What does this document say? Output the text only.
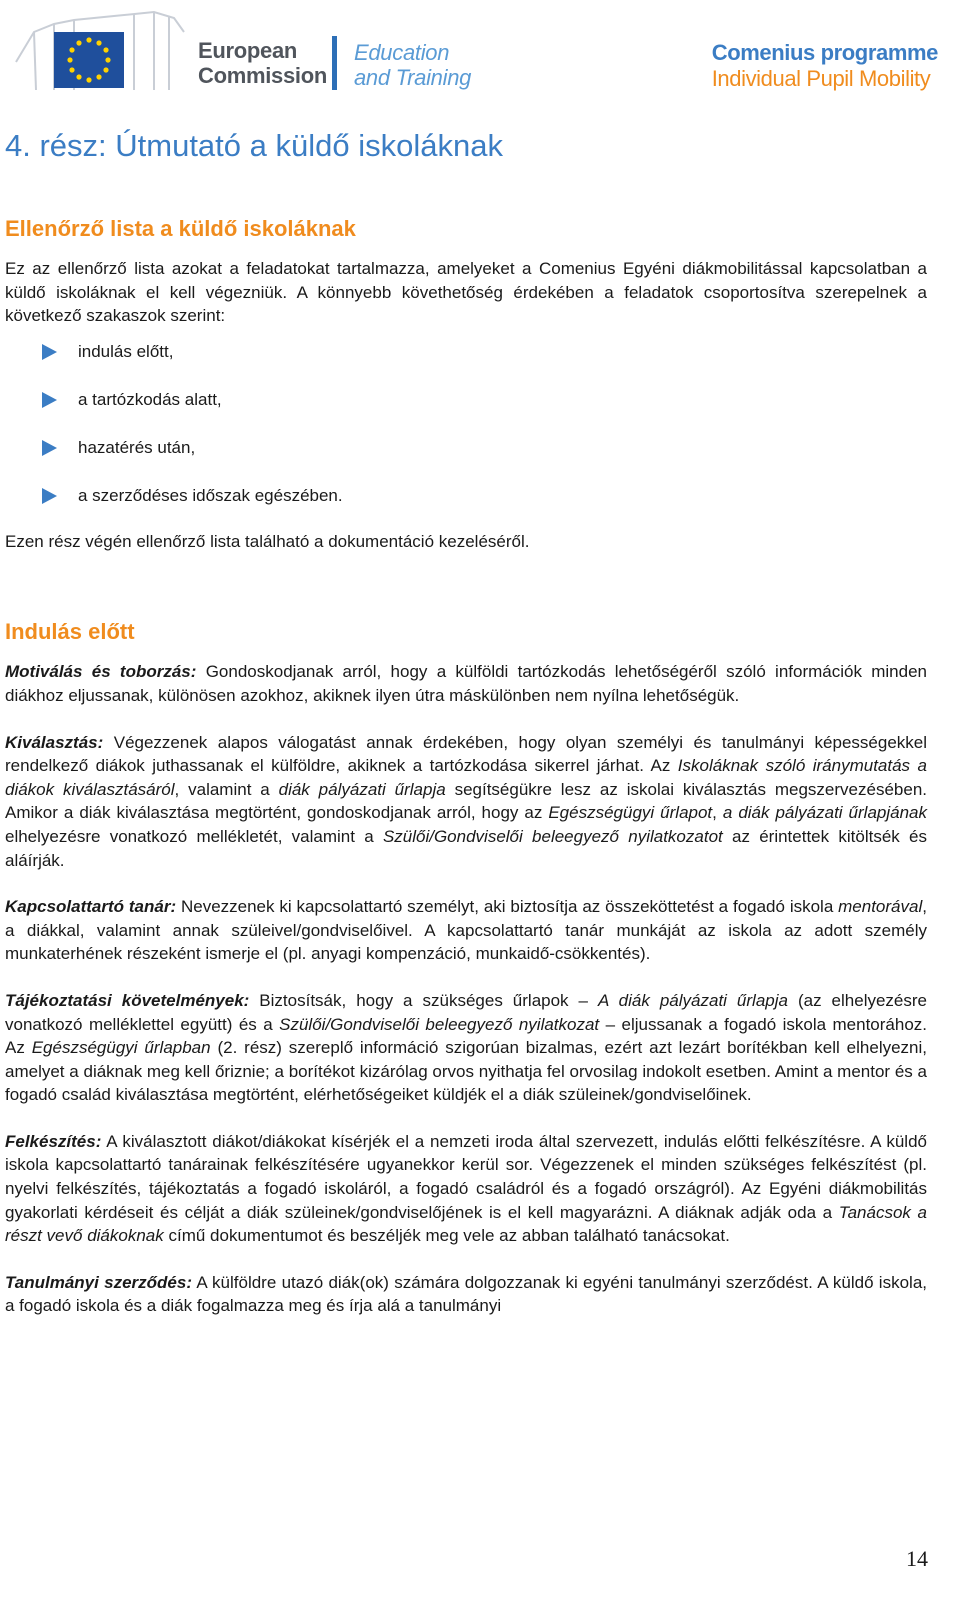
European
Commission
Education
and Training
Comenius programme
Individual Pupil Mobility
4. rész: Útmutató a küldő iskoláknak
Ellenőrző lista a küldő iskoláknak

Ez az ellenőrző lista azokat a feladatokat tartalmazza, amelyeket a Comenius Egyéni diákmobilitással kapcsolatban a küldő iskoláknak el kell végezniük. A könnyebb követhetőség érdekében a feladatok csoportosítva szerepelnek a következő szakaszok szerint:

indulás előtt,
a tartózkodás alatt,
hazatérés után,
a szerződéses időszak egészében.

Ezen rész végén ellenőrző lista található a dokumentáció kezeléséről.

Indulás előtt

Motiválás és toborzás: Gondoskodjanak arról, hogy a külföldi tartózkodás lehetőségéről szóló információk minden diákhoz eljussanak, különösen azokhoz, akiknek ilyen útra máskülönben nem nyílna lehetőségük.

Kiválasztás: Végezzenek alapos válogatást annak érdekében, hogy olyan személyi és tanulmányi képességekkel rendelkező diákok juthassanak el külföldre, akiknek a tartózkodása sikerrel járhat. Az Iskoláknak szóló iránymutatás a diákok kiválasztásáról, valamint a diák pályázati űrlapja segítségükre lesz az iskolai kiválasztás megszervezésében. Amikor a diák kiválasztása megtörtént, gondoskodjanak arról, hogy az Egészségügyi űrlapot, a diák pályázati űrlapjának elhelyezésre vonatkozó mellékletét, valamint a Szülői/Gondviselői beleegyező nyilatkozatot az érintettek kitöltsék és aláírják.

Kapcsolattartó tanár: Nevezzenek ki kapcsolattartó személyt, aki biztosítja az összeköttetést a fogadó iskola mentorával, a diákkal, valamint annak szüleivel/gondviselőivel. A kapcsolattartó tanár munkáját az iskola az adott személy munkaterhének részeként ismerje el (pl. anyagi kompenzáció, munkaidő-csökkentés).

Tájékoztatási követelmények: Biztosítsák, hogy a szükséges űrlapok – A diák pályázati űrlapja (az elhelyezésre vonatkozó melléklettel együtt) és a Szülői/Gondviselői beleegyező nyilatkozat – eljussanak a fogadó iskola mentorához. Az Egészségügyi űrlapban (2. rész) szereplő információ szigorúan bizalmas, ezért azt lezárt borítékban kell elhelyezni, amelyet a diáknak meg kell őriznie; a borítékot kizárólag orvos nyithatja fel orvosilag indokolt esetben. Amint a mentor és a fogadó család kiválasztása megtörtént, elérhetőségeiket küldjék el a diák szüleinek/gondviselőinek.

Felkészítés: A kiválasztott diákot/diákokat kísérjék el a nemzeti iroda által szervezett, indulás előtti felkészítésre. A küldő iskola kapcsolattartó tanárainak felkészítésére ugyanekkor kerül sor. Végezzenek el minden szükséges felkészítést (pl. nyelvi felkészítés, tájékoztatás a fogadó iskoláról, a fogadó családról és a fogadó országról). Az Egyéni diákmobilitás gyakorlati kérdéseit és célját a diák szüleinek/gondviselőjének is el kell magyarázni. A diáknak adják oda a Tanácsok a részt vevő diákoknak című dokumentumot és beszéljék meg vele az abban található tanácsokat.

Tanulmányi szerződés: A külföldre utazó diák(ok) számára dolgozzanak ki egyéni tanulmányi szerződést. A küldő iskola, a fogadó iskola és a diák fogalmazza meg és írja alá a tanulmányi

14
